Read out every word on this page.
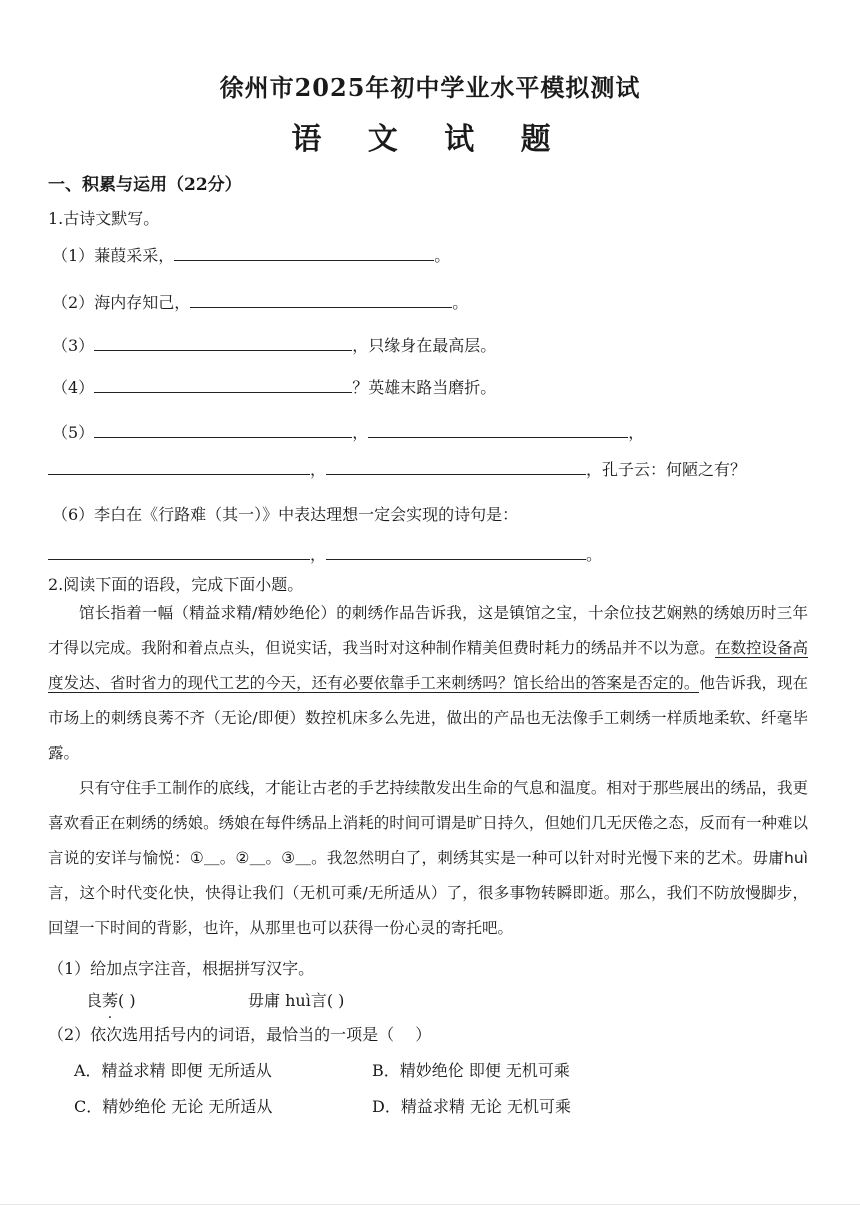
徐州市2025年初中学业水平模拟测试
语 文 试 题
一、积累与运用（22分）
1.古诗文默写。
（1）蒹葭采采，	。
（2）海内存知己，	。
（3）	，只缘身在最高层。
（4）	？英雄末路当磨折。
（5）	，	，
，	，孔子云：何陋之有？
（6）李白在《行路难（其一）》中表达理想一定会实现的诗句是：
，	。
2.阅读下面的语段，完成下面小题。

馆长指着一幅（精益求精/精妙绝伦）的刺绣作品告诉我，这是镇馆之宝，十余位技艺娴熟的绣娘历时三年才得以完成。我附和着点点头，但说实话，我当时对这种制作精美但费时耗力的绣品并不以为意。在数控设备高度发达、省时省力的现代工艺的今天，还有必要依靠手工来刺绣吗？馆长给出的答案是否定的。他告诉我，现在市场上的刺绣良莠不齐（无论/即便）数控机床多么先进，做出的产品也无法像手工刺绣一样质地柔软、纤毫毕露。

只有守住手工制作的底线，才能让古老的手艺持续散发出生命的气息和温度。相对于那些展出的绣品，我更喜欢看正在刺绣的绣娘。绣娘在每件绣品上消耗的时间可谓是旷日持久，但她们几无厌倦之态，反而有一种难以言说的安详与愉悦：①＿。②＿。③＿。我忽然明白了，刺绣其实是一种可以针对时光慢下来的艺术。毋庸huì言，这个时代变化快，快得让我们（无机可乘/无所适从）了，很多事物转瞬即逝。那么，我们不防放慢脚步，回望一下时间的背影，也许，从那里也可以获得一份心灵的寄托吧。

（1）给加点字注音，根据拼写汉字。
良莠( )	毋庸 huì言( )
（2）依次选用括号内的词语，最恰当的一项是（　 ）
A．精益求精 即便 无所适从	B．精妙绝伦 即便 无机可乘
C．精妙绝伦 无论 无所适从	D．精益求精 无论 无机可乘
